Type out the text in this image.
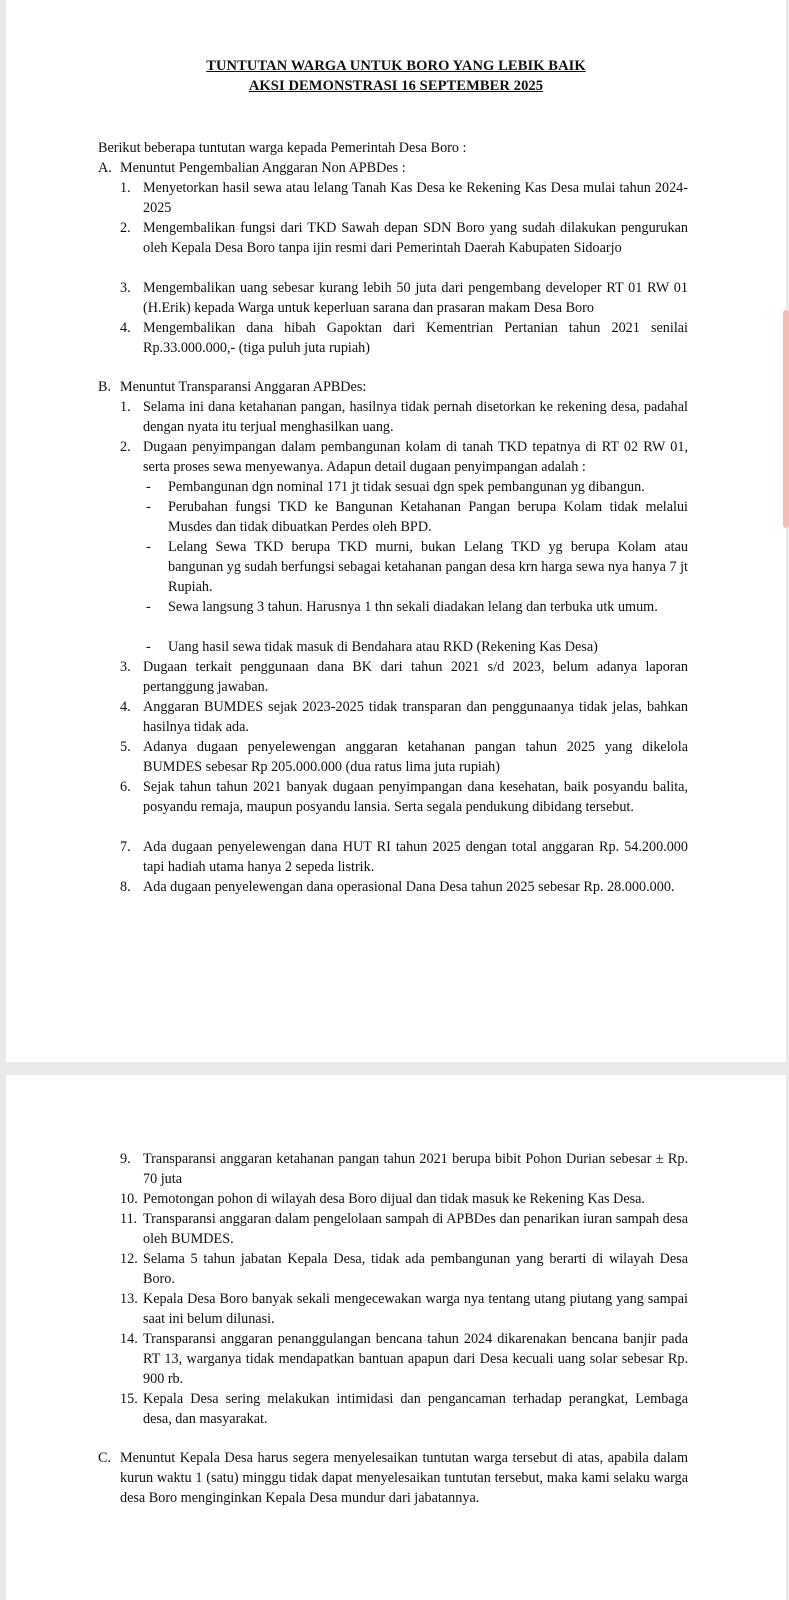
TUNTUTAN WARGA UNTUK BORO YANG LEBIK BAIK
AKSI DEMONSTRASI 16 SEPTEMBER 2025

Berikut beberapa tuntutan warga kepada Pemerintah Desa Boro :

A. Menuntut Pengembalian Anggaran Non APBDes :
1. Menyetorkan hasil sewa atau lelang Tanah Kas Desa ke Rekening Kas Desa mulai tahun 2024-2025

2. Mengembalikan fungsi dari TKD Sawah depan SDN Boro yang sudah dilakukan pengurukan oleh Kepala Desa Boro tanpa ijin resmi dari Pemerintah Daerah Kabupaten Sidoarjo

3. Mengembalikan uang sebesar kurang lebih 50 juta dari pengembang developer RT 01 RW 01 (H.Erik) kepada Warga untuk keperluan sarana dan prasaran makam Desa Boro

4. Mengembalikan dana hibah Gapoktan dari Kementrian Pertanian tahun 2021 senilai Rp.33.000.000,- (tiga puluh juta rupiah)

B. Menuntut Transparansi Anggaran APBDes:
1. Selama ini dana ketahanan pangan, hasilnya tidak pernah disetorkan ke rekening desa, padahal dengan nyata itu terjual menghasilkan uang.

2. Dugaan penyimpangan dalam pembangunan kolam di tanah TKD tepatnya di RT 02 RW 01, serta proses sewa menyewanya. Adapun detail dugaan penyimpangan adalah :

- Pembangunan dgn nominal 171 jt tidak sesuai dgn spek pembangunan yg dibangun.

- Perubahan fungsi TKD ke Bangunan Ketahanan Pangan berupa Kolam tidak melalui Musdes dan tidak dibuatkan Perdes oleh BPD.

- Lelang Sewa TKD berupa TKD murni, bukan Lelang TKD yg berupa Kolam atau bangunan yg sudah berfungsi sebagai ketahanan pangan desa krn harga sewa nya hanya 7 jt Rupiah.

- Sewa langsung 3 tahun. Harusnya 1 thn sekali diadakan lelang dan terbuka utk umum.

- Uang hasil sewa tidak masuk di Bendahara atau RKD (Rekening Kas Desa)

3. Dugaan terkait penggunaan dana BK dari tahun 2021 s/d 2023, belum adanya laporan pertanggung jawaban.

4. Anggaran BUMDES sejak 2023-2025 tidak transparan dan penggunaanya tidak jelas, bahkan hasilnya tidak ada.

5. Adanya dugaan penyelewengan anggaran ketahanan pangan tahun 2025 yang dikelola BUMDES sebesar Rp 205.000.000 (dua ratus lima juta rupiah)

6. Sejak tahun tahun 2021 banyak dugaan penyimpangan dana kesehatan, baik posyandu balita, posyandu remaja, maupun posyandu lansia. Serta segala pendukung dibidang tersebut.

7. Ada dugaan penyelewengan dana HUT RI tahun 2025 dengan total anggaran Rp. 54.200.000 tapi hadiah utama hanya 2 sepeda listrik.

8. Ada dugaan penyelewengan dana operasional Dana Desa tahun 2025 sebesar Rp. 28.000.000.

9. Transparansi anggaran ketahanan pangan tahun 2021 berupa bibit Pohon Durian sebesar ± Rp. 70 juta

10. Pemotongan pohon di wilayah desa Boro dijual dan tidak masuk ke Rekening Kas Desa.

11. Transparansi anggaran dalam pengelolaan sampah di APBDes dan penarikan iuran sampah desa oleh BUMDES.

12. Selama 5 tahun jabatan Kepala Desa, tidak ada pembangunan yang berarti di wilayah Desa Boro.

13. Kepala Desa Boro banyak sekali mengecewakan warga nya tentang utang piutang yang sampai saat ini belum dilunasi.

14. Transparansi anggaran penanggulangan bencana tahun 2024 dikarenakan bencana banjir pada RT 13, warganya tidak mendapatkan bantuan apapun dari Desa kecuali uang solar sebesar Rp. 900 rb.

15. Kepala Desa sering melakukan intimidasi dan pengancaman terhadap perangkat, Lembaga desa, dan masyarakat.

C. Menuntut Kepala Desa harus segera menyelesaikan tuntutan warga tersebut di atas, apabila dalam kurun waktu 1 (satu) minggu tidak dapat menyelesaikan tuntutan tersebut, maka kami selaku warga desa Boro menginginkan Kepala Desa mundur dari jabatannya.
